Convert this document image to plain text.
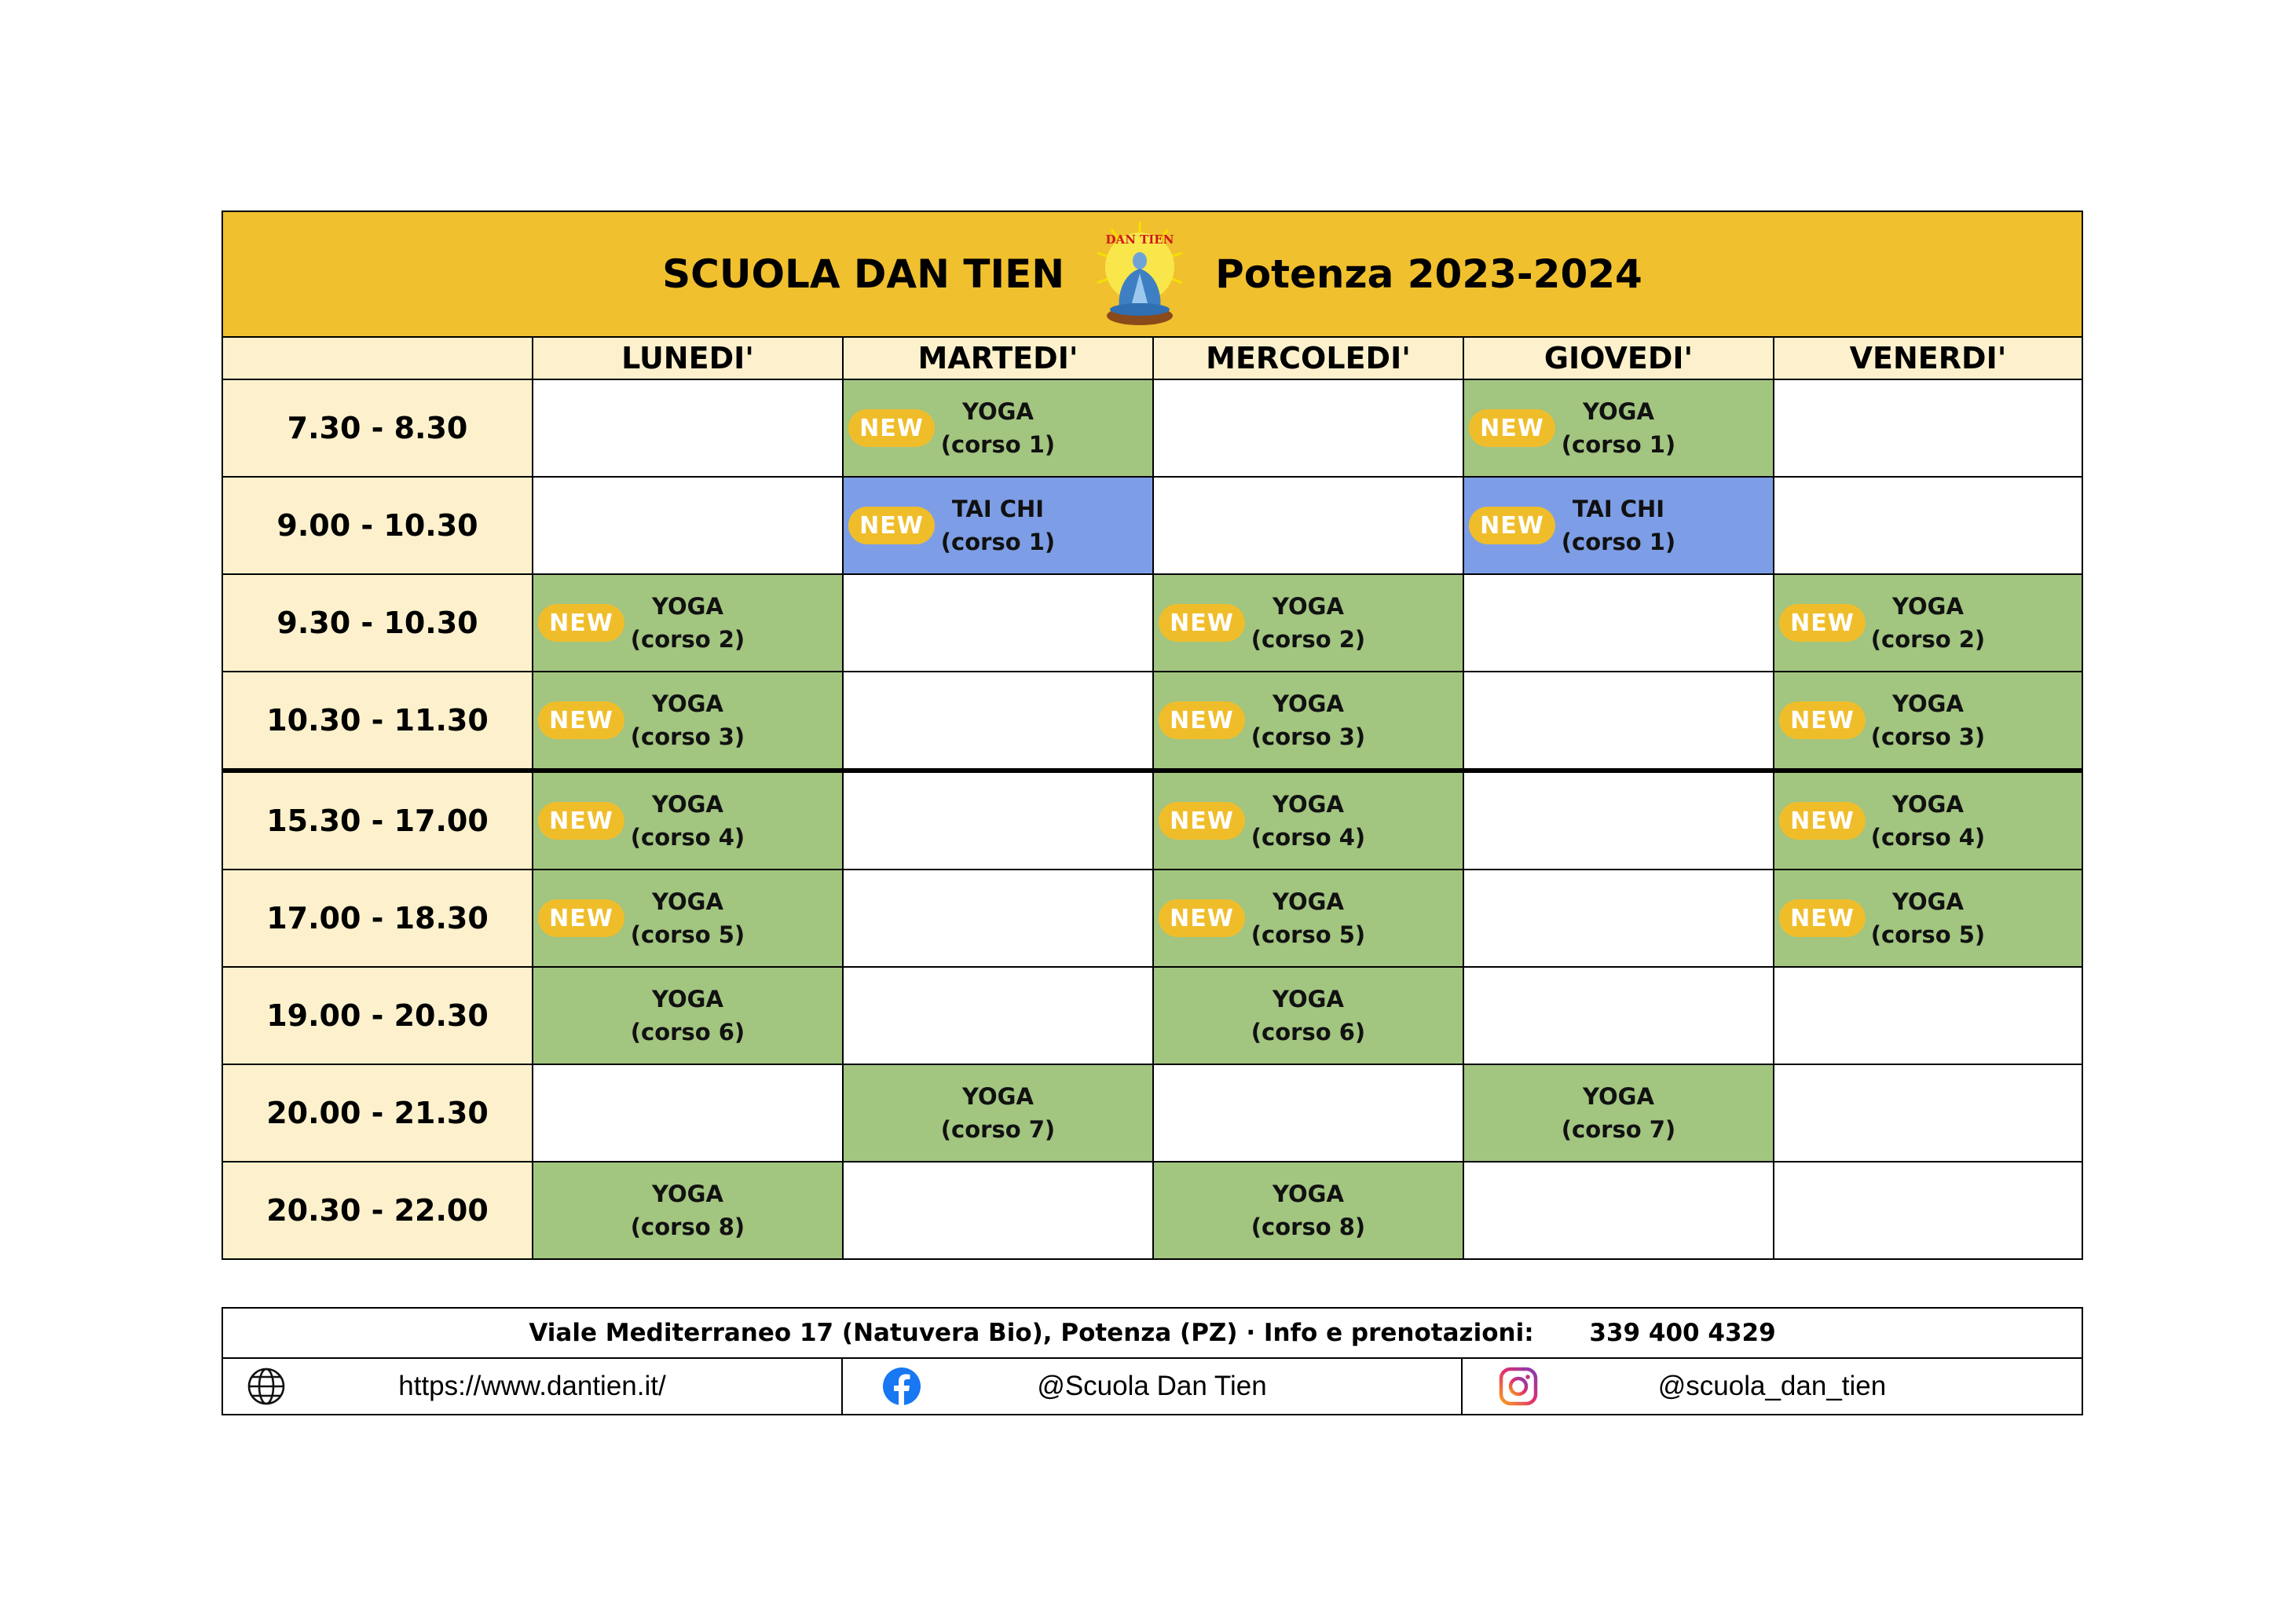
SCUOLA DAN TIEN
DAN TIEN
Potenza 2023-2024					

	LUNEDI'	MARTEDI'	MERCOLEDI'	GIOVEDI'	VENERDI'
7.30 - 8.30		NEW
YOGA
(corso 1)		NEW
YOGA
(corso 1)	

9.00 - 10.30		NEW
TAI CHI
(corso 1)		NEW
TAI CHI
(corso 1)	

9.30 - 10.30	NEW
YOGA
(corso 2)		NEW
YOGA
(corso 2)		NEW
YOGA
(corso 2)

10.30 - 11.30	NEW
YOGA
(corso 3)		NEW
YOGA
(corso 3)		NEW
YOGA
(corso 3)

15.30 - 17.00	NEW
YOGA
(corso 4)		NEW
YOGA
(corso 4)		NEW
YOGA
(corso 4)

17.00 - 18.30	NEW
YOGA
(corso 5)		NEW
YOGA
(corso 5)		NEW
YOGA
(corso 5)

19.00 - 20.30	YOGA
(corso 6)		YOGA
(corso 6)		

20.00 - 21.30		YOGA
(corso 7)		YOGA
(corso 7)	

20.30 - 22.00	YOGA
(corso 8)		YOGA
(corso 8)		

Viale Mediterraneo 17 (Natuvera Bio), Potenza (PZ) · Info e prenotazioni: 339 400 4329

https://www.dantien.it/	@Scuola Dan Tien	@scuola_dan_tien
